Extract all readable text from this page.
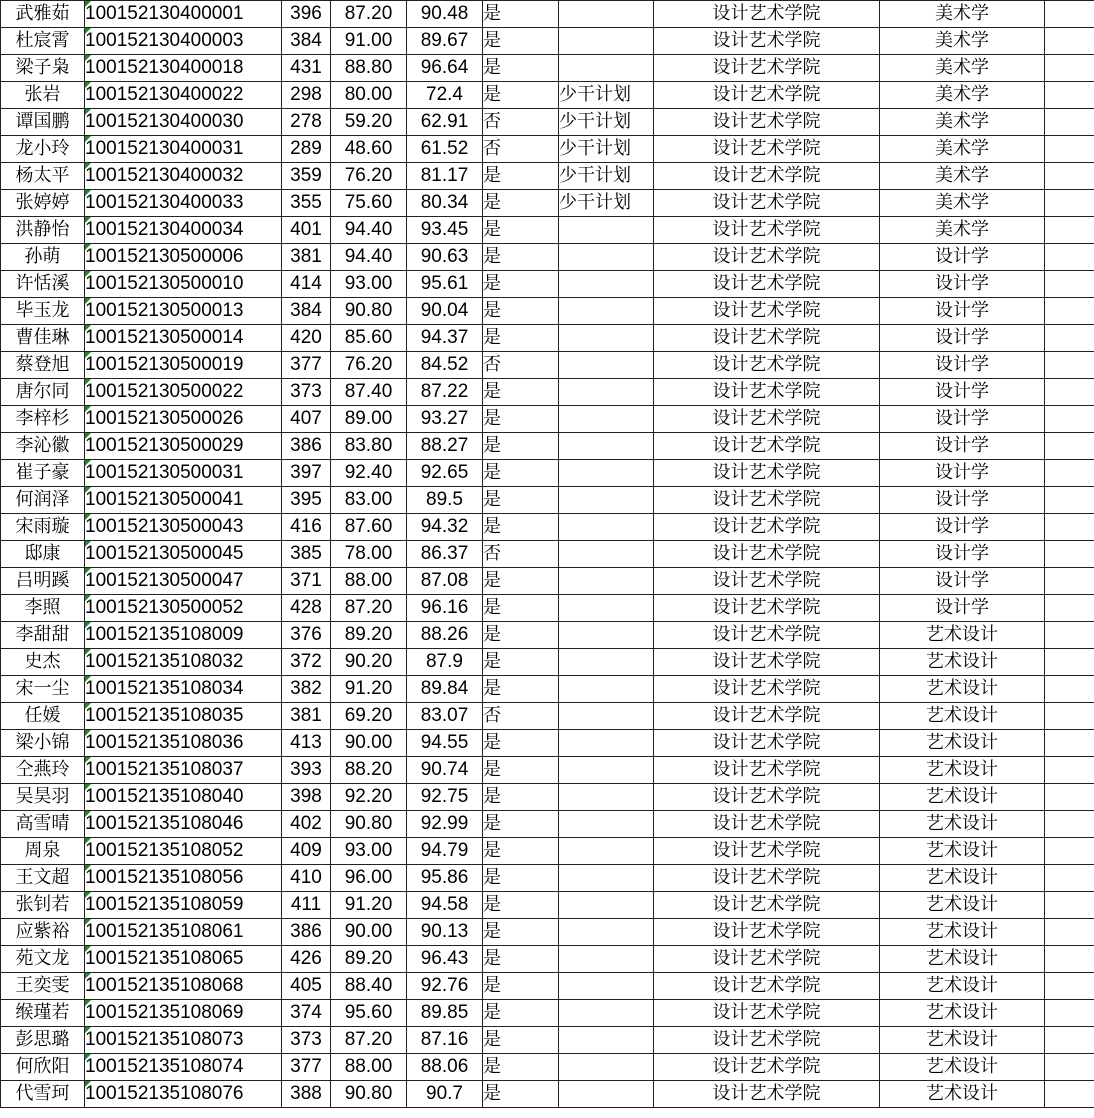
武雅茹	100152130400001	396	87.20	90.48	是		设计艺术学院	美术学	
杜宸霄	100152130400003	384	91.00	89.67	是		设计艺术学院	美术学	
梁子枭	100152130400018	431	88.80	96.64	是		设计艺术学院	美术学	
张岩	100152130400022	298	80.00	72.4	是	少干计划	设计艺术学院	美术学	
谭国鹏	100152130400030	278	59.20	62.91	否	少干计划	设计艺术学院	美术学	
龙小玲	100152130400031	289	48.60	61.52	否	少干计划	设计艺术学院	美术学	
杨太平	100152130400032	359	76.20	81.17	是	少干计划	设计艺术学院	美术学	
张婷婷	100152130400033	355	75.60	80.34	是	少干计划	设计艺术学院	美术学	
洪静怡	100152130400034	401	94.40	93.45	是		设计艺术学院	美术学	
孙萌	100152130500006	381	94.40	90.63	是		设计艺术学院	设计学	
许恬溪	100152130500010	414	93.00	95.61	是		设计艺术学院	设计学	
毕玉龙	100152130500013	384	90.80	90.04	是		设计艺术学院	设计学	
曹佳琳	100152130500014	420	85.60	94.37	是		设计艺术学院	设计学	
蔡登旭	100152130500019	377	76.20	84.52	否		设计艺术学院	设计学	
唐尔同	100152130500022	373	87.40	87.22	是		设计艺术学院	设计学	
李梓杉	100152130500026	407	89.00	93.27	是		设计艺术学院	设计学	
李沁徽	100152130500029	386	83.80	88.27	是		设计艺术学院	设计学	
崔子豪	100152130500031	397	92.40	92.65	是		设计艺术学院	设计学	
何润泽	100152130500041	395	83.00	89.5	是		设计艺术学院	设计学	
宋雨璇	100152130500043	416	87.60	94.32	是		设计艺术学院	设计学	
邸康	100152130500045	385	78.00	86.37	否		设计艺术学院	设计学	
吕明蹊	100152130500047	371	88.00	87.08	是		设计艺术学院	设计学	
李照	100152130500052	428	87.20	96.16	是		设计艺术学院	设计学	
李甜甜	100152135108009	376	89.20	88.26	是		设计艺术学院	艺术设计	
史杰	100152135108032	372	90.20	87.9	是		设计艺术学院	艺术设计	
宋一尘	100152135108034	382	91.20	89.84	是		设计艺术学院	艺术设计	
任媛	100152135108035	381	69.20	83.07	否		设计艺术学院	艺术设计	
梁小锦	100152135108036	413	90.00	94.55	是		设计艺术学院	艺术设计	
仝燕玲	100152135108037	393	88.20	90.74	是		设计艺术学院	艺术设计	
吴昊羽	100152135108040	398	92.20	92.75	是		设计艺术学院	艺术设计	
高雪晴	100152135108046	402	90.80	92.99	是		设计艺术学院	艺术设计	
周泉	100152135108052	409	93.00	94.79	是		设计艺术学院	艺术设计	
王文超	100152135108056	410	96.00	95.86	是		设计艺术学院	艺术设计	
张钊若	100152135108059	411	91.20	94.58	是		设计艺术学院	艺术设计	
应紫裕	100152135108061	386	90.00	90.13	是		设计艺术学院	艺术设计	
苑文龙	100152135108065	426	89.20	96.43	是		设计艺术学院	艺术设计	
王奕雯	100152135108068	405	88.40	92.76	是		设计艺术学院	艺术设计	
缑瑾若	100152135108069	374	95.60	89.85	是		设计艺术学院	艺术设计	
彭思璐	100152135108073	373	87.20	87.16	是		设计艺术学院	艺术设计	
何欣阳	100152135108074	377	88.00	88.06	是		设计艺术学院	艺术设计	
代雪珂	100152135108076	388	90.80	90.7	是		设计艺术学院	艺术设计	
